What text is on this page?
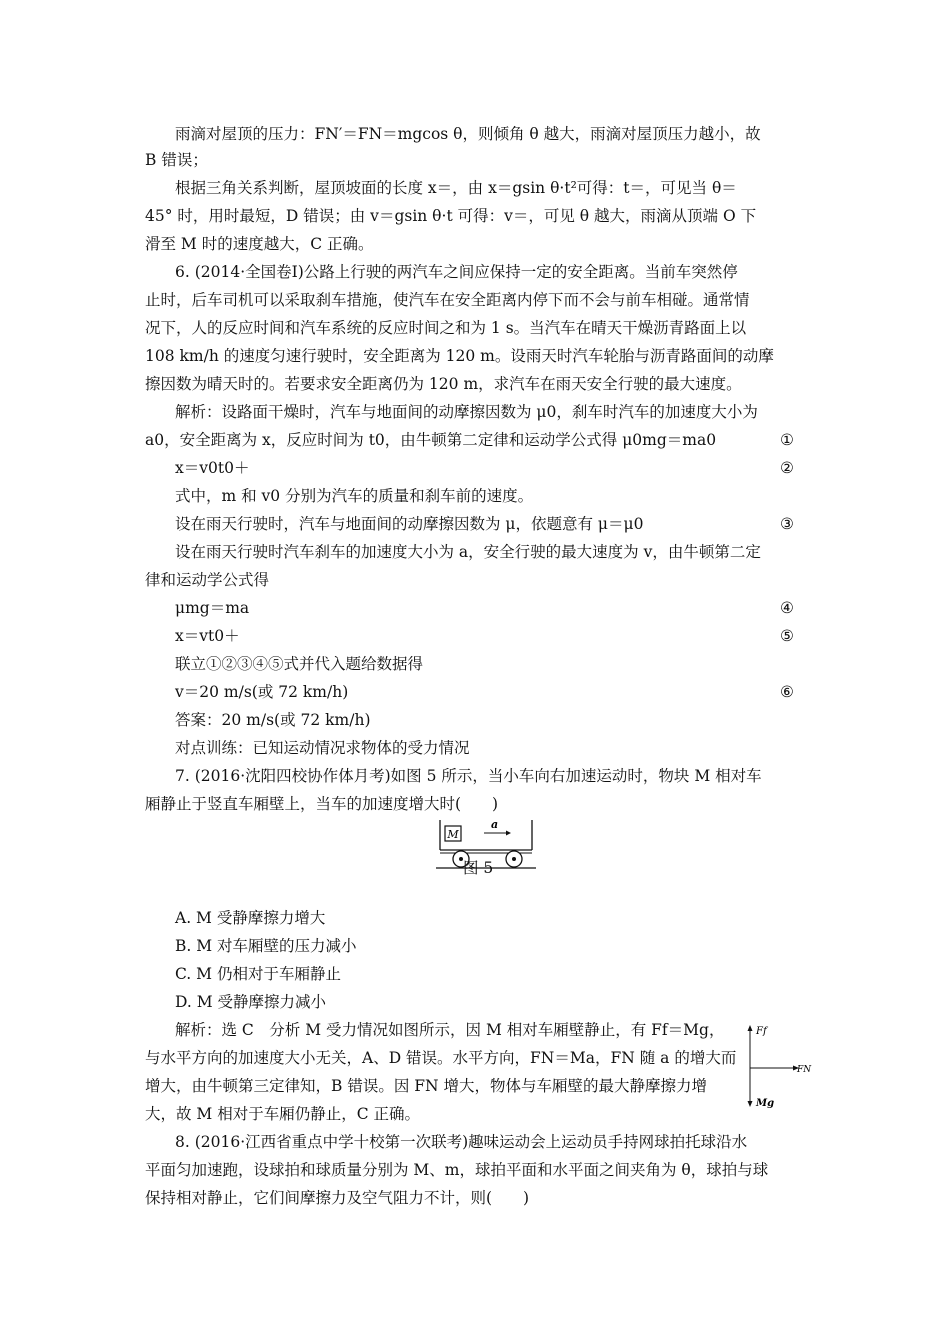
雨滴对屋顶的压力：FN′＝FN＝mgcos θ，则倾角 θ 越大，雨滴对屋顶压力越小，故
B 错误；
根据三角关系判断，屋顶坡面的长度 x＝，由 x＝gsin θ·t²可得：t＝，可见当 θ＝
45° 时，用时最短，D 错误；由 v＝gsin θ·t 可得：v＝，可见 θ 越大，雨滴从顶端 O 下
滑至 M 时的速度越大，C 正确。
6. (2014·全国卷Ⅰ)公路上行驶的两汽车之间应保持一定的安全距离。当前车突然停
止时，后车司机可以采取刹车措施，使汽车在安全距离内停下而不会与前车相碰。通常情
况下，人的反应时间和汽车系统的反应时间之和为 1 s。当汽车在晴天干燥沥青路面上以
108 km/h 的速度匀速行驶时，安全距离为 120 m。设雨天时汽车轮胎与沥青路面间的动摩
擦因数为晴天时的。若要求安全距离仍为 120 m，求汽车在雨天安全行驶的最大速度。
解析：设路面干燥时，汽车与地面间的动摩擦因数为 μ0，刹车时汽车的加速度大小为
a0，安全距离为 x，反应时间为 t0，由牛顿第二定律和运动学公式得 μ0mg＝ma0	①
x＝v0t0＋	②
式中，m 和 v0 分别为汽车的质量和刹车前的速度。
设在雨天行驶时，汽车与地面间的动摩擦因数为 μ，依题意有 μ＝μ0	③
设在雨天行驶时汽车刹车的加速度大小为 a，安全行驶的最大速度为 v，由牛顿第二定
律和运动学公式得
μmg＝ma	④
x＝vt0＋	⑤
联立①②③④⑤式并代入题给数据得
v＝20 m/s(或 72 km/h)	⑥
答案：20 m/s(或 72 km/h)
对点训练：已知运动情况求物体的受力情况
7. (2016·沈阳四校协作体月考)如图 5 所示，当小车向右加速运动时，物块 M 相对车
厢静止于竖直车厢壁上，当车的加速度增大时(　　)
M
a
图 5
A. M 受静摩擦力增大
B. M 对车厢壁的压力减小
C. M 仍相对于车厢静止
D. M 受静摩擦力减小
解析：选 C　分析 M 受力情况如图所示，因 M 相对车厢壁静止，有 Ff＝Mg，
与水平方向的加速度大小无关，A、D 错误。水平方向，FN＝Ma，FN 随 a 的增大而
增大，由牛顿第三定律知，B 错误。因 FN 增大，物体与车厢壁的最大静摩擦力增
大，故 M 相对于车厢仍静止，C 正确。
Ff
FN
Mg
8. (2016·江西省重点中学十校第一次联考)趣味运动会上运动员手持网球拍托球沿水
平面匀加速跑，设球拍和球质量分别为 M、m，球拍平面和水平面之间夹角为 θ，球拍与球
保持相对静止，它们间摩擦力及空气阻力不计，则(　　)
